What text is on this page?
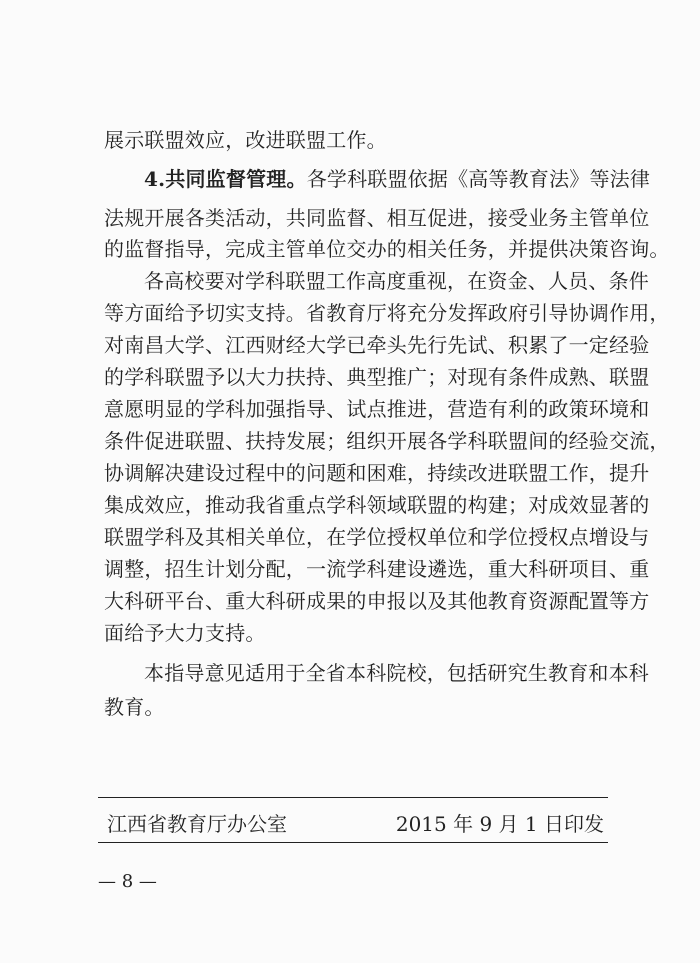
展示联盟效应，改进联盟工作。
4.共同监督管理。各学科联盟依据《高等教育法》等法律
法规开展各类活动，共同监督、相互促进，接受业务主管单位
的监督指导，完成主管单位交办的相关任务，并提供决策咨询。
各高校要对学科联盟工作高度重视，在资金、人员、条件
等方面给予切实支持。省教育厅将充分发挥政府引导协调作用，
对南昌大学、江西财经大学已牵头先行先试、积累了一定经验
的学科联盟予以大力扶持、典型推广；对现有条件成熟、联盟
意愿明显的学科加强指导、试点推进，营造有利的政策环境和
条件促进联盟、扶持发展；组织开展各学科联盟间的经验交流，
协调解决建设过程中的问题和困难，持续改进联盟工作，提升
集成效应，推动我省重点学科领域联盟的构建；对成效显著的
联盟学科及其相关单位，在学位授权单位和学位授权点增设与
调整，招生计划分配，一流学科建设遴选，重大科研项目、重
大科研平台、重大科研成果的申报以及其他教育资源配置等方
面给予大力支持。
本指导意见适用于全省本科院校，包括研究生教育和本科
教育。
江西省教育厅办公室	2015 年 9 月 1 日印发
— 8 —
